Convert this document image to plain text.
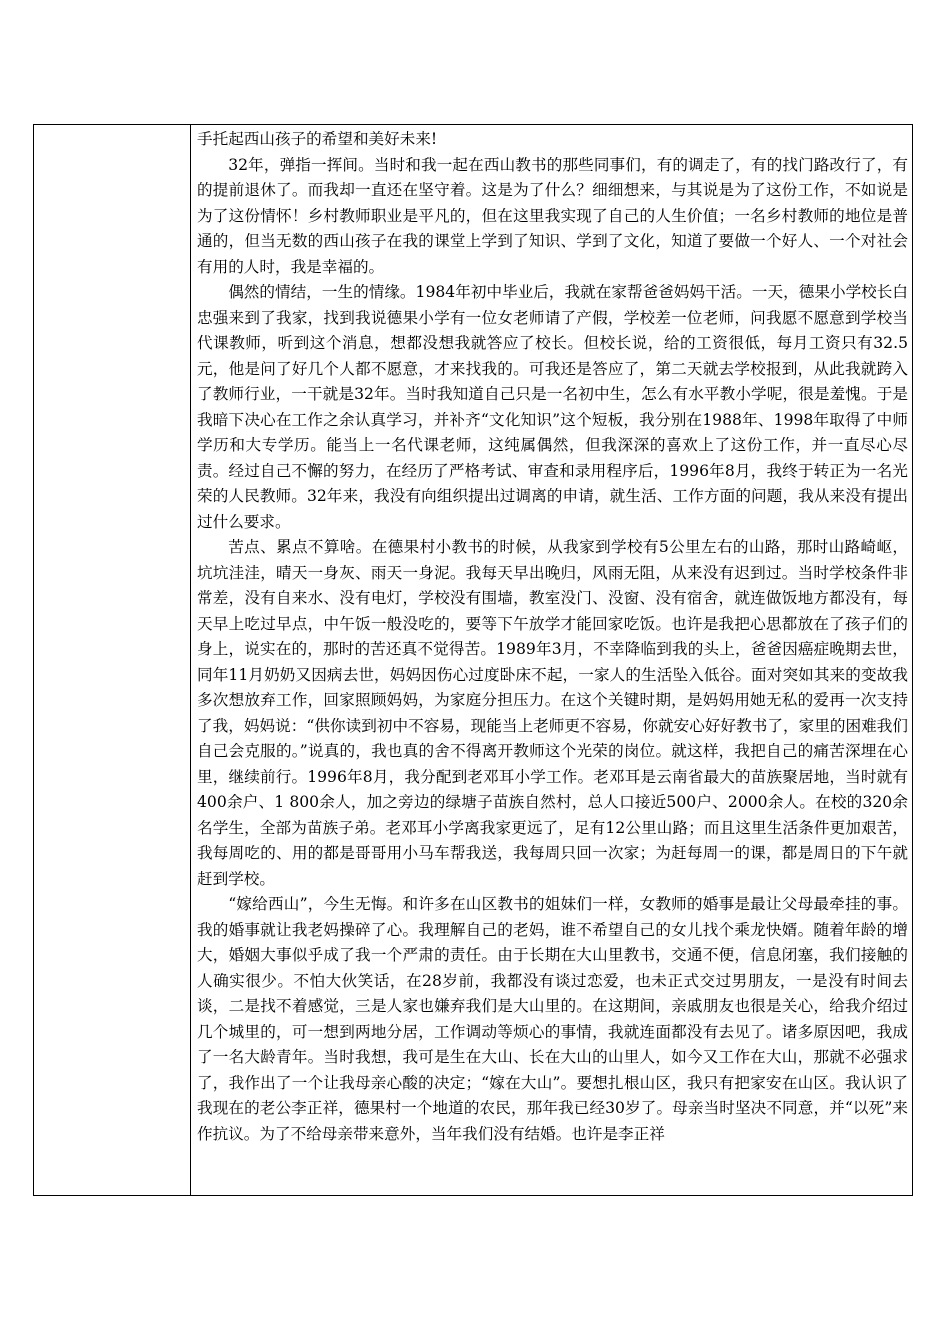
手托起西山孩子的希望和美好未来!

32年，弹指一挥间。当时和我一起在西山教书的那些同事们，有的调走了，有的找门路改行了，有的提前退休了。而我却一直还在坚守着。这是为了什么？细细想来，与其说是为了这份工作，不如说是为了这份情怀！乡村教师职业是平凡的，但在这里我实现了自己的人生价值；一名乡村教师的地位是普通的，但当无数的西山孩子在我的课堂上学到了知识、学到了文化，知道了要做一个好人、一个对社会有用的人时，我是幸福的。

偶然的情结，一生的情缘。1984年初中毕业后，我就在家帮爸爸妈妈干活。一天，德果小学校长白忠强来到了我家，找到我说德果小学有一位女老师请了产假，学校差一位老师，问我愿不愿意到学校当代课教师，听到这个消息，想都没想我就答应了校长。但校长说，给的工资很低，每月工资只有32.5元，他是问了好几个人都不愿意，才来找我的。可我还是答应了，第二天就去学校报到，从此我就跨入了教师行业，一干就是32年。当时我知道自己只是一名初中生，怎么有水平教小学呢，很是羞愧。于是我暗下决心在工作之余认真学习，并补齐“文化知识”这个短板，我分别在1988年、1998年取得了中师学历和大专学历。能当上一名代课老师，这纯属偶然，但我深深的喜欢上了这份工作，并一直尽心尽责。经过自己不懈的努力，在经历了严格考试、审查和录用程序后，1996年8月，我终于转正为一名光荣的人民教师。32年来，我没有向组织提出过调离的申请，就生活、工作方面的问题，我从来没有提出过什么要求。

苦点、累点不算啥。在德果村小教书的时候，从我家到学校有5公里左右的山路，那时山路崎岖，坑坑洼洼，晴天一身灰、雨天一身泥。我每天早出晚归，风雨无阻，从来没有迟到过。当时学校条件非常差，没有自来水、没有电灯，学校没有围墙，教室没门、没窗、没有宿舍，就连做饭地方都没有，每天早上吃过早点，中午饭一般没吃的，要等下午放学才能回家吃饭。也许是我把心思都放在了孩子们的身上，说实在的，那时的苦还真不觉得苦。1989年3月，不幸降临到我的头上，爸爸因癌症晚期去世，同年11月奶奶又因病去世，妈妈因伤心过度卧床不起，一家人的生活坠入低谷。面对突如其来的变故我多次想放弃工作，回家照顾妈妈，为家庭分担压力。在这个关键时期，是妈妈用她无私的爱再一次支持了我，妈妈说：“供你读到初中不容易，现能当上老师更不容易，你就安心好好教书了，家里的困难我们自己会克服的。”说真的，我也真的舍不得离开教师这个光荣的岗位。就这样，我把自己的痛苦深埋在心里，继续前行。1996年8月，我分配到老邓耳小学工作。老邓耳是云南省最大的苗族聚居地，当时就有400余户、1 800余人，加之旁边的绿塘子苗族自然村，总人口接近500户、2000余人。在校的320余名学生，全部为苗族子弟。老邓耳小学离我家更远了，足有12公里山路；而且这里生活条件更加艰苦，我每周吃的、用的都是哥哥用小马车帮我送，我每周只回一次家；为赶每周一的课，都是周日的下午就赶到学校。

“嫁给西山”，今生无悔。和许多在山区教书的姐妹们一样，女教师的婚事是最让父母最牵挂的事。我的婚事就让我老妈操碎了心。我理解自己的老妈，谁不希望自己的女儿找个乘龙快婿。随着年龄的增大，婚姻大事似乎成了我一个严肃的责任。由于长期在大山里教书，交通不便，信息闭塞，我们接触的人确实很少。不怕大伙笑话，在28岁前，我都没有谈过恋爱，也未正式交过男朋友，一是没有时间去谈，二是找不着感觉，三是人家也嫌弃我们是大山里的。在这期间，亲戚朋友也很是关心，给我介绍过几个城里的，可一想到两地分居，工作调动等烦心的事情，我就连面都没有去见了。诸多原因吧，我成了一名大龄青年。当时我想，我可是生在大山、长在大山的山里人，如今又工作在大山，那就不必强求了，我作出了一个让我母亲心酸的决定；“嫁在大山”。要想扎根山区，我只有把家安在山区。我认识了我现在的老公李正祥，德果村一个地道的农民，那年我已经30岁了。母亲当时坚决不同意，并“以死”来作抗议。为了不给母亲带来意外，当年我们没有结婚。也许是李正祥
